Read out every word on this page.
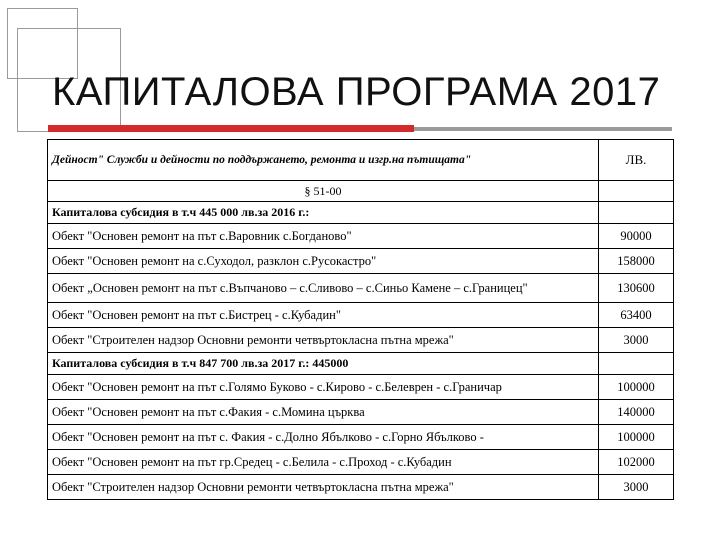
КАПИТАЛОВА ПРОГРАМА 2017
Дейност" Служби и дейности по поддържането, ремонта и изгр.на пътищата"	ЛВ.
§ 51-00	
Капиталова субсидия в т.ч 445 000 лв.за 2016 г.:	
Обект "Основен ремонт на път с.Варовник с.Богданово"	90000
Обект "Основен ремонт на с.Суходол, разклон с.Русокастро"	158000
Обект „Основен ремонт на път с.Въпчаново – с.Сливово – с.Синьо Камене – с.Границец"	130600
Обект "Основен ремонт на път с.Бистрец - с.Кубадин"	63400
Обект "Строителен надзор Основни ремонти четвъртокласна пътна мрежа"	3000
Капиталова субсидия в т.ч 847 700 лв.за 2017 г.: 445000	
Обект "Основен ремонт на път с.Голямо Буково - с.Кирово - с.Белеврен - с.Граничар	100000
Обект "Основен ремонт на път с.Факия - с.Момина църква	140000
Обект "Основен ремонт на път с. Факия - с.Долно Ябълково - с.Горно Ябълково -	100000
Обект "Основен ремонт на път гр.Средец - с.Белила - с.Проход - с.Кубадин	102000
Обект "Строителен надзор Основни ремонти четвъртокласна пътна мрежа"	3000
